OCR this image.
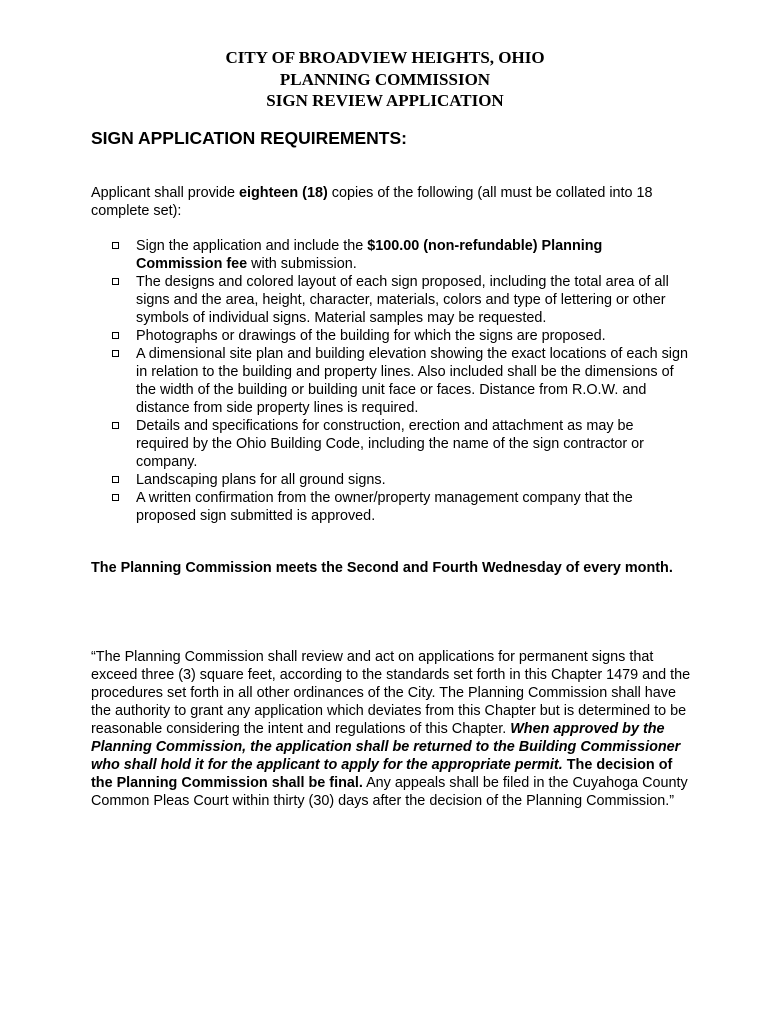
CITY OF BROADVIEW HEIGHTS, OHIO
PLANNING COMMISSION
SIGN REVIEW APPLICATION
SIGN APPLICATION REQUIREMENTS:
Applicant shall provide eighteen (18) copies of the following (all must be collated into 18 complete set):
Sign the application and include the $100.00 (non-refundable) Planning Commission fee with submission.
The designs and colored layout of each sign proposed, including the total area of all signs and the area, height, character, materials, colors and type of lettering or other symbols of individual signs. Material samples may be requested.
Photographs or drawings of the building for which the signs are proposed.
A dimensional site plan and building elevation showing the exact locations of each sign in relation to the building and property lines. Also included shall be the dimensions of the width of the building or building unit face or faces. Distance from R.O.W. and distance from side property lines is required.
Details and specifications for construction, erection and attachment as may be required by the Ohio Building Code, including the name of the sign contractor or company.
Landscaping plans for all ground signs.
A written confirmation from the owner/property management company that the proposed sign submitted is approved.
The Planning Commission meets the Second and Fourth Wednesday of every month.
“The Planning Commission shall review and act on applications for permanent signs that exceed three (3) square feet, according to the standards set forth in this Chapter 1479 and the procedures set forth in all other ordinances of the City. The Planning Commission shall have the authority to grant any application which deviates from this Chapter but is determined to be reasonable considering the intent and regulations of this Chapter. When approved by the Planning Commission, the application shall be returned to the Building Commissioner who shall hold it for the applicant to apply for the appropriate permit. The decision of the Planning Commission shall be final. Any appeals shall be filed in the Cuyahoga County Common Pleas Court within thirty (30) days after the decision of the Planning Commission.”
